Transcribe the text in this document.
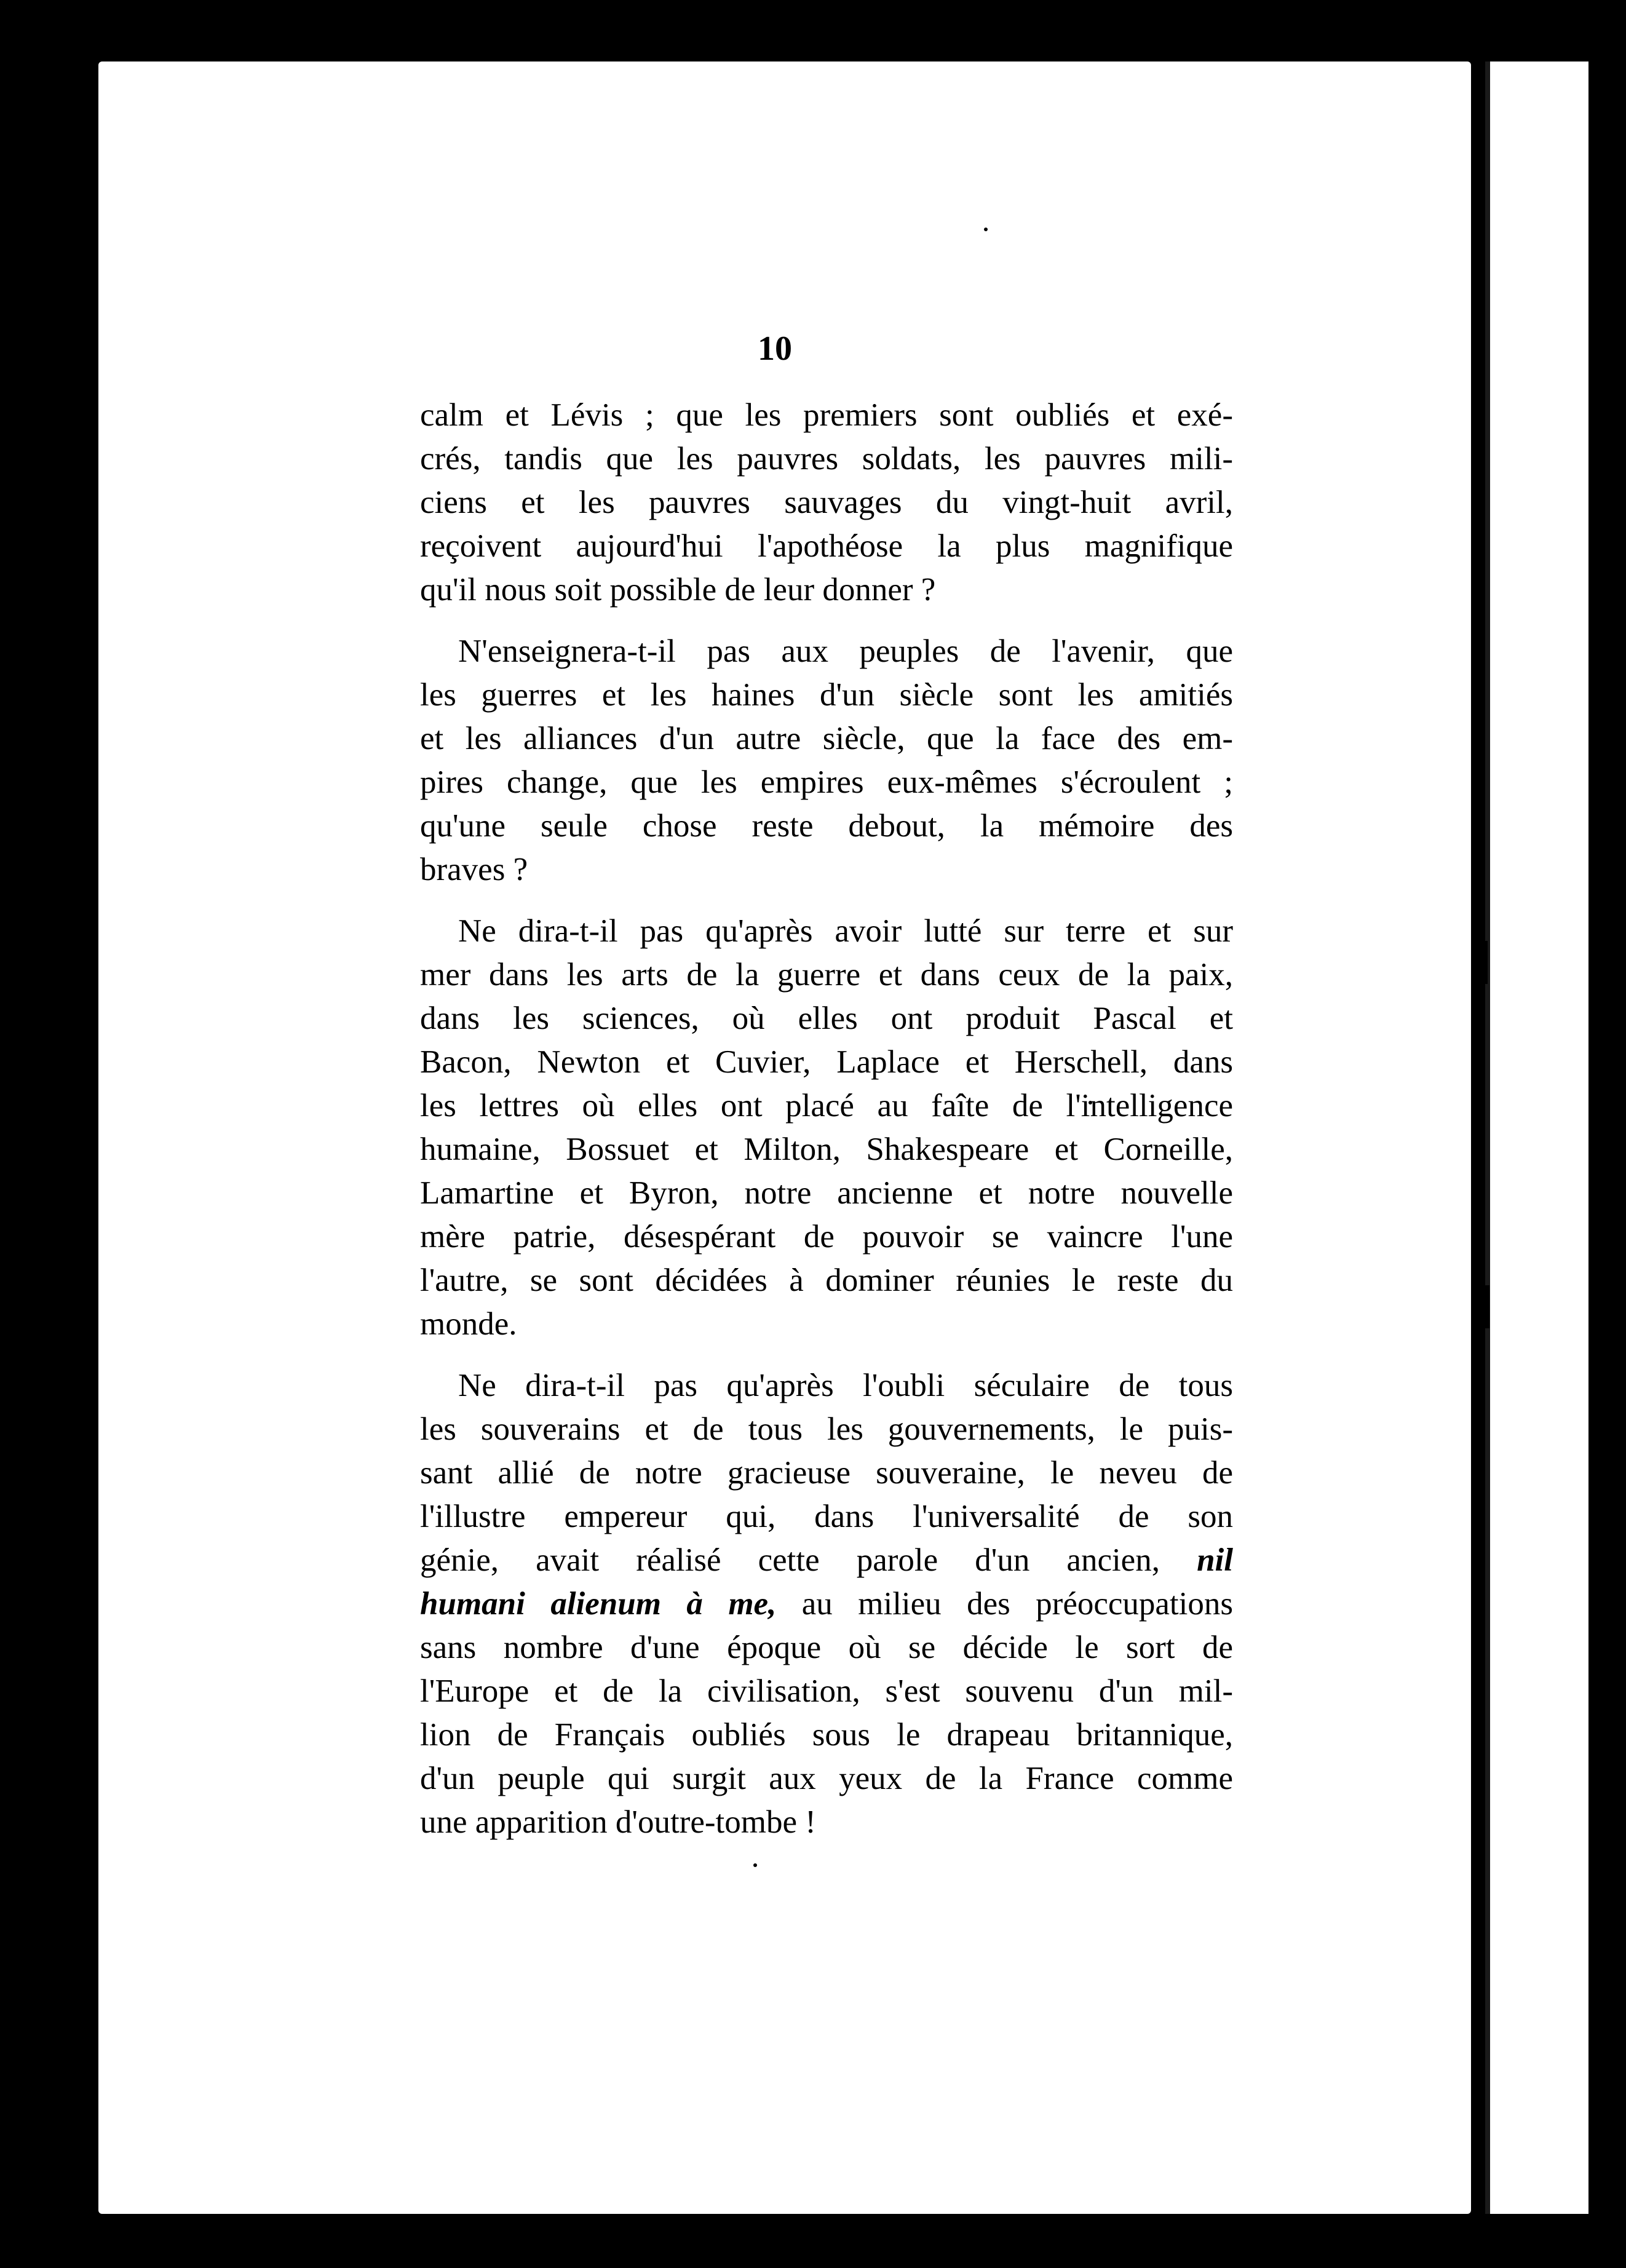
10
calm et Lévis ; que les premiers sont oubliés et exé-
crés, tandis que les pauvres soldats, les pauvres mili-
ciens et les pauvres sauvages du vingt-huit avril,
reçoivent aujourd'hui l'apothéose la plus magnifique
qu'il nous soit possible de leur donner ?
N'enseignera-t-il pas aux peuples de l'avenir, que
les guerres et les haines d'un siècle sont les amitiés
et les alliances d'un autre siècle, que la face des em-
pires change, que les empires eux-mêmes s'écroulent ;
qu'une seule chose reste debout, la mémoire des
braves ?
Ne dira-t-il pas qu'après avoir lutté sur terre et sur
mer dans les arts de la guerre et dans ceux de la paix,
dans les sciences, où elles ont produit Pascal et
Bacon, Newton et Cuvier, Laplace et Herschell, dans
les lettres où elles ont placé au faîte de l'intelligence
humaine, Bossuet et Milton, Shakespeare et Corneille,
Lamartine et Byron, notre ancienne et notre nouvelle
mère patrie, désespérant de pouvoir se vaincre l'une
l'autre, se sont décidées à dominer réunies le reste du
monde.
Ne dira-t-il pas qu'après l'oubli séculaire de tous
les souverains et de tous les gouvernements, le puis-
sant allié de notre gracieuse souveraine, le neveu de
l'illustre empereur qui, dans l'universalité de son
génie, avait réalisé cette parole d'un ancien, nil
humani alienum à me, au milieu des préoccupations
sans nombre d'une époque où se décide le sort de
l'Europe et de la civilisation, s'est souvenu d'un mil-
lion de Français oubliés sous le drapeau britannique,
d'un peuple qui surgit aux yeux de la France comme
une apparition d'outre-tombe !
